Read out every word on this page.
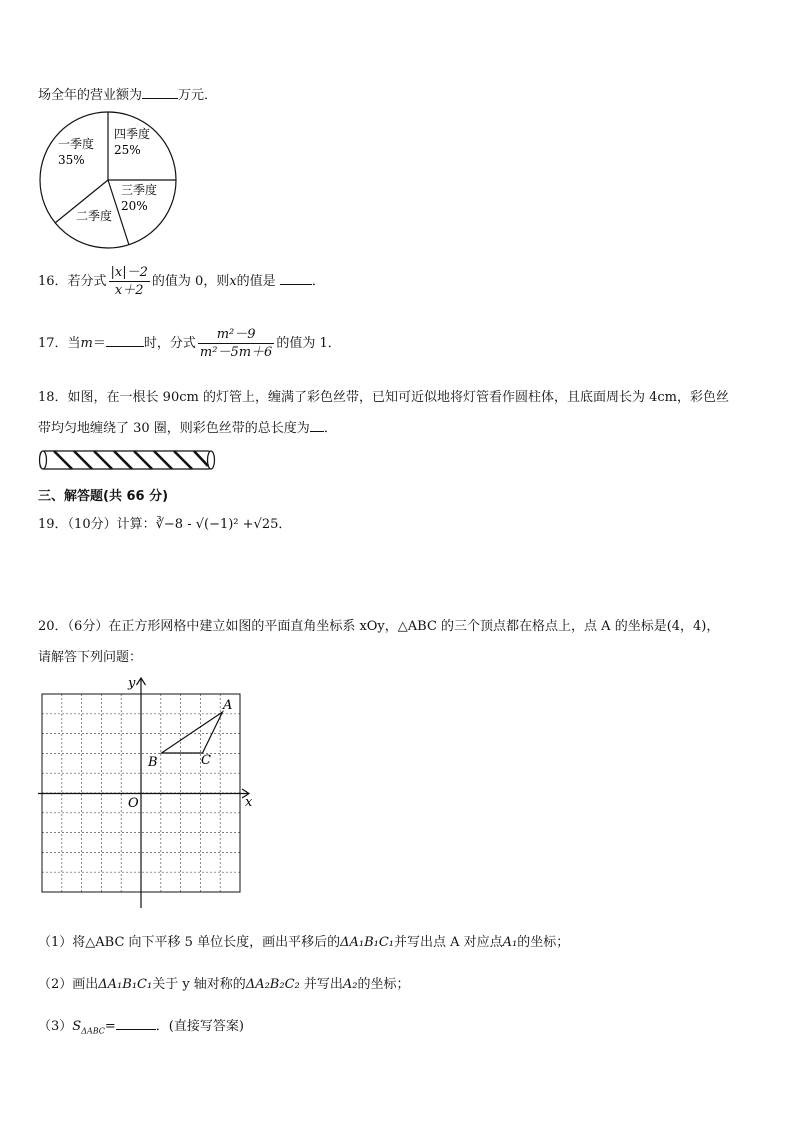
场全年的营业额为	万元．
一季度
35%
四季度
25%
三季度
20%
二季度
16．若分式 $\frac{|x|-2}{x+2}$ 的值为 0，则x的值是	．
17．当m＝	时，分式 $\frac{\text{m²－9}}{\text{m²－5m＋6}}$ 的值为 1．
18．如图，在一根长 90cm 的灯管上，缠满了彩色丝带，已知可近似地将灯管看作圆柱体，且底面周长为 4cm，彩色丝
带均匀地缠绕了 30 圈，则彩色丝带的总长度为 ．
三、解答题(共 66 分)
19．（10分）计算：∛−8 - √(−1)² +√25．
20．（6分）在正方形网格中建立如图的平面直角坐标系 xOy，△ABC 的三个顶点都在格点上，点 A 的坐标是(4，4)，
请解答下列问题：
x
y
O
A
B	C
（1）将△ABC 向下平移 5 单位长度，画出平移后的ΔA₁B₁C₁并写出点 A 对应点A₁的坐标；
（2）画出ΔA₁B₁C₁关于 y 轴对称的ΔA₂B₂C₂ 并写出A₂的坐标；
$(3)S_{\Delta ABC}=$	．(直接写答案)
